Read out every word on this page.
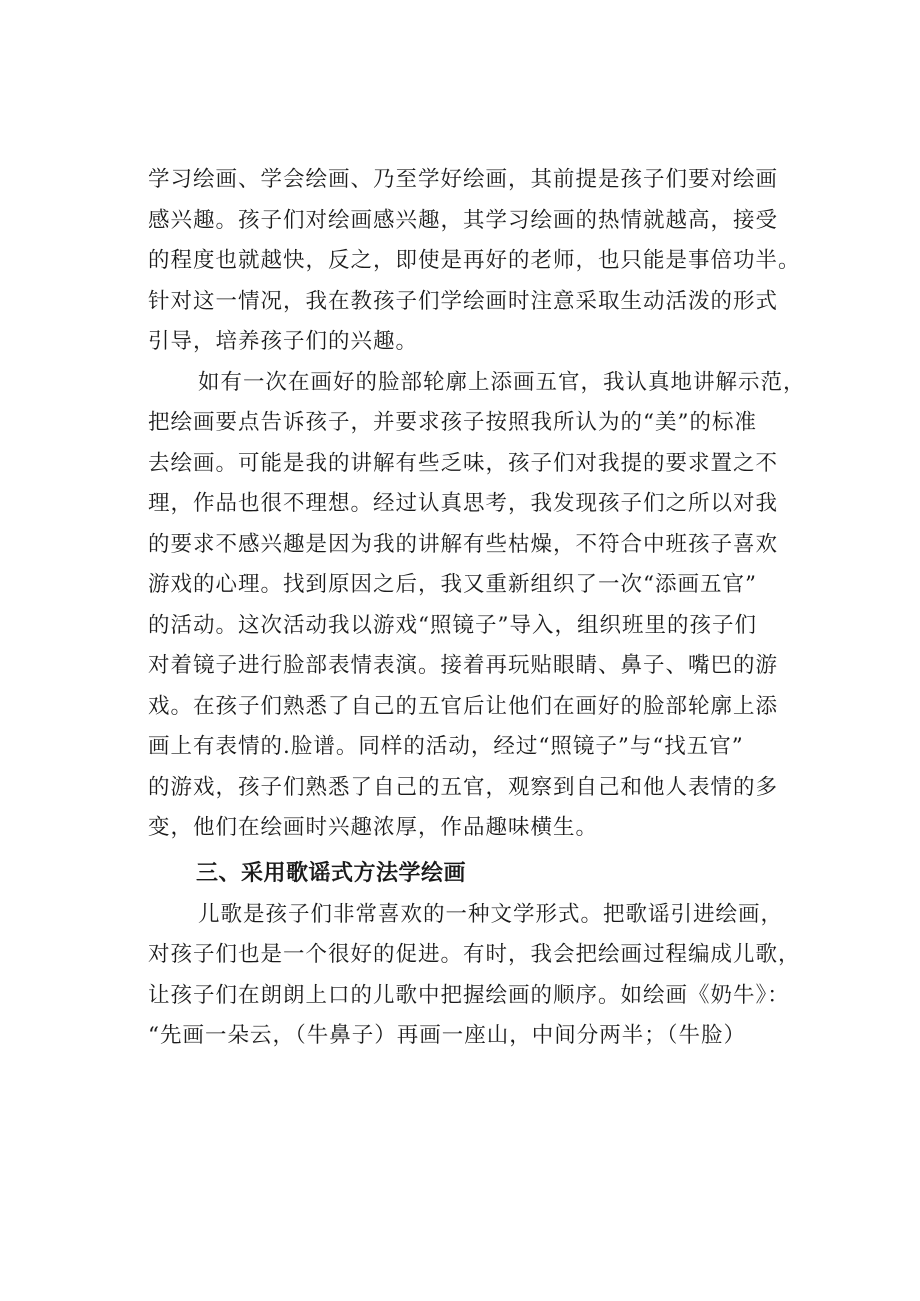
学习绘画、学会绘画、乃至学好绘画，其前提是孩子们要对绘画
感兴趣。孩子们对绘画感兴趣，其学习绘画的热情就越高，接受
的程度也就越快，反之，即使是再好的老师，也只能是事倍功半。
针对这一情况，我在教孩子们学绘画时注意采取生动活泼的形式
引导，培养孩子们的兴趣。
如有一次在画好的脸部轮廓上添画五官，我认真地讲解示范，
把绘画要点告诉孩子，并要求孩子按照我所认为的“美”的标准
去绘画。可能是我的讲解有些乏味，孩子们对我提的要求置之不
理，作品也很不理想。经过认真思考，我发现孩子们之所以对我
的要求不感兴趣是因为我的讲解有些枯燥，不符合中班孩子喜欢
游戏的心理。找到原因之后，我又重新组织了一次“添画五官”
的活动。这次活动我以游戏“照镜子”导入，组织班里的孩子们
对着镜子进行脸部表情表演。接着再玩贴眼睛、鼻子、嘴巴的游
戏。在孩子们熟悉了自己的五官后让他们在画好的脸部轮廓上添
画上有表情的.脸谱。同样的活动，经过“照镜子”与“找五官”
的游戏，孩子们熟悉了自己的五官，观察到自己和他人表情的多
变，他们在绘画时兴趣浓厚，作品趣味横生。
三、采用歌谣式方法学绘画
儿歌是孩子们非常喜欢的一种文学形式。把歌谣引进绘画，
对孩子们也是一个很好的促进。有时，我会把绘画过程编成儿歌，
让孩子们在朗朗上口的儿歌中把握绘画的顺序。如绘画《奶牛》：
“先画一朵云，（牛鼻子）再画一座山，中间分两半；（牛脸）
